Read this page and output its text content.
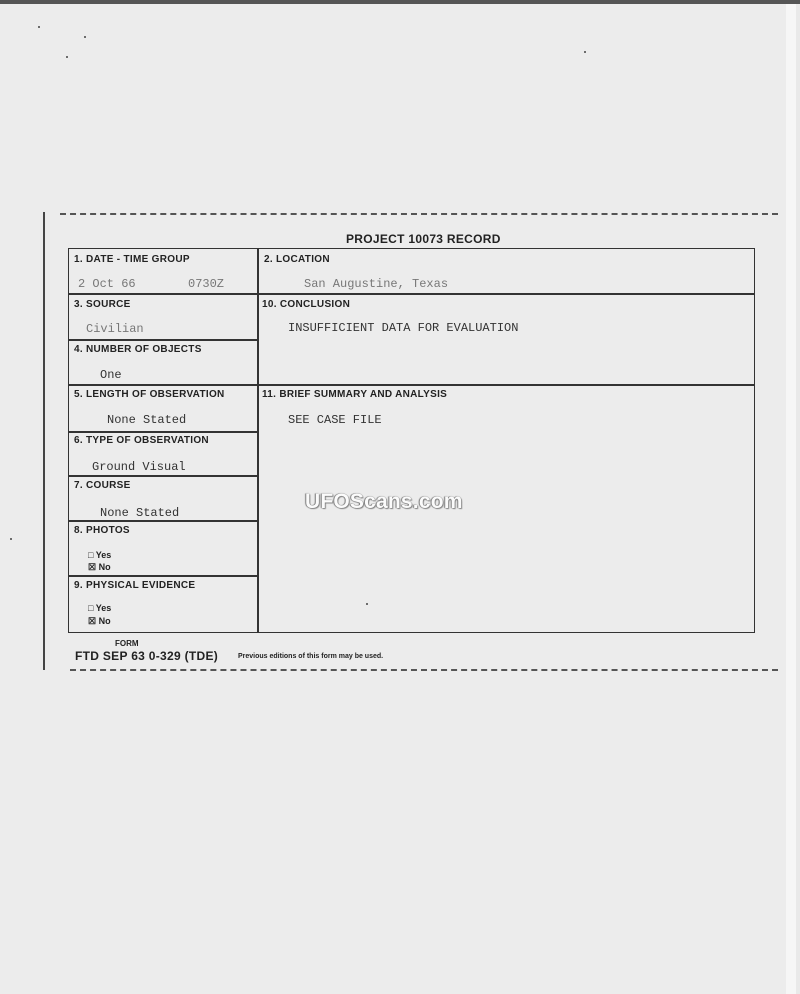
PROJECT 10073 RECORD
1. DATE - TIME GROUP
2 Oct 66	0730Z
2. LOCATION
San Augustine, Texas
3. SOURCE
Civilian
10. CONCLUSION
INSUFFICIENT DATA FOR EVALUATION
4. NUMBER OF OBJECTS
One
5. LENGTH OF OBSERVATION
None Stated
11. BRIEF SUMMARY AND ANALYSIS
SEE CASE FILE
6. TYPE OF OBSERVATION
Ground Visual
7. COURSE
None Stated
8. PHOTOS
□ Yes
☒ No
9. PHYSICAL EVIDENCE
□ Yes
☒ No
FORM
FTD SEP 63 0-329 (TDE)	Previous editions of this form may be used.
UFOScans.com
